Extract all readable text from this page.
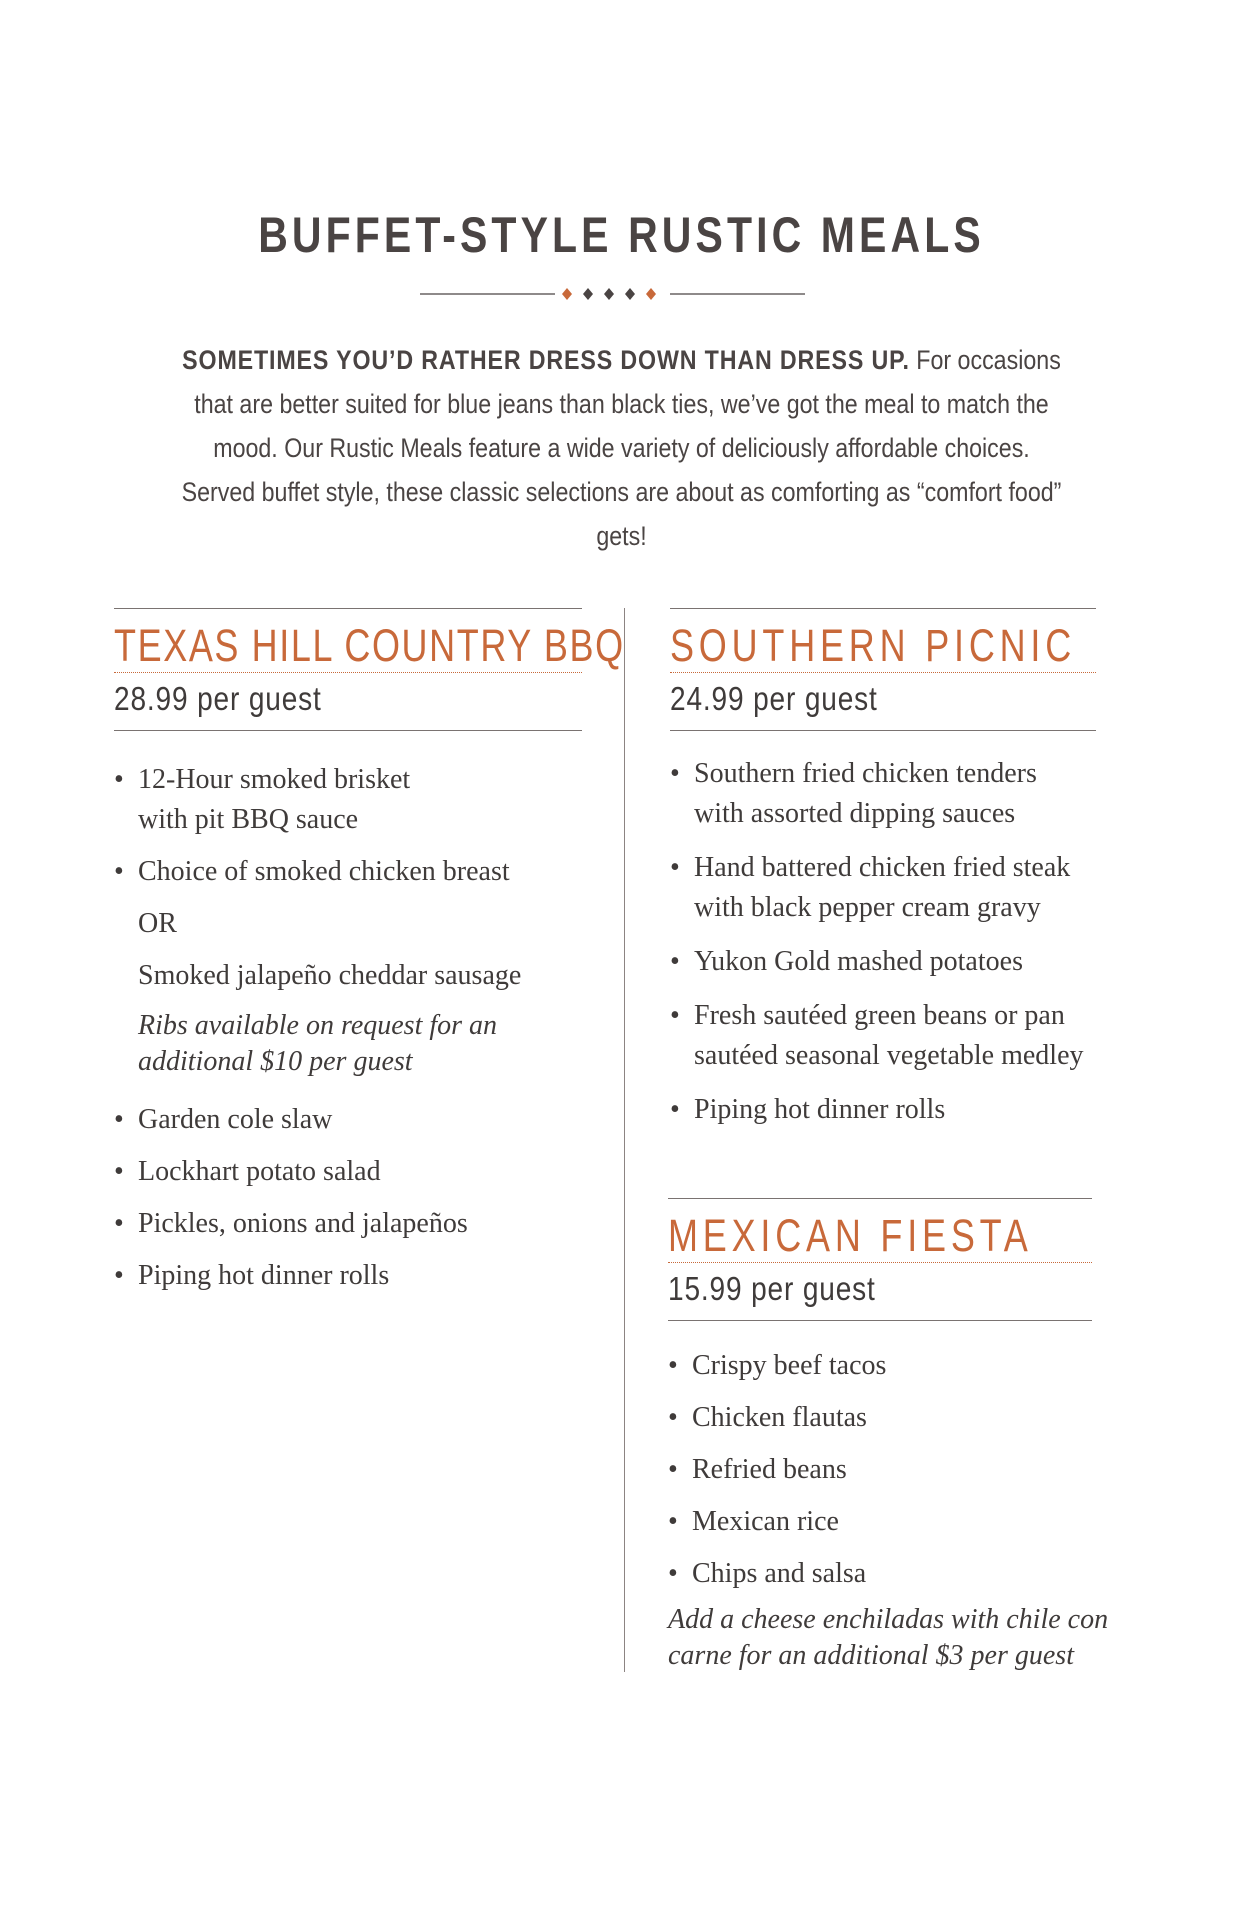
BUFFET-STYLE RUSTIC MEALS
SOMETIMES YOU’D RATHER DRESS DOWN THAN DRESS UP. For occasions that are better suited for blue jeans than black ties, we’ve got the meal to match the mood. Our Rustic Meals feature a wide variety of deliciously affordable choices. Served buffet style, these classic selections are about as comforting as “comfort food” gets!
TEXAS HILL COUNTRY BBQ
28.99 per guest
• 12-Hour smoked brisket
with pit BBQ sauce
• Choice of smoked chicken breast
OR
Smoked jalapeño cheddar sausage
Ribs available on request for an
additional $10 per guest
• Garden cole slaw
• Lockhart potato salad
• Pickles, onions and jalapeños
• Piping hot dinner rolls
SOUTHERN PICNIC
24.99 per guest
• Southern fried chicken tenders
with assorted dipping sauces
• Hand battered chicken fried steak
with black pepper cream gravy
• Yukon Gold mashed potatoes
• Fresh sautéed green beans or pan
sautéed seasonal vegetable medley
• Piping hot dinner rolls
MEXICAN FIESTA
15.99 per guest
• Crispy beef tacos
• Chicken flautas
• Refried beans
• Mexican rice
• Chips and salsa
Add a cheese enchiladas with chile con
carne for an additional $3 per guest
